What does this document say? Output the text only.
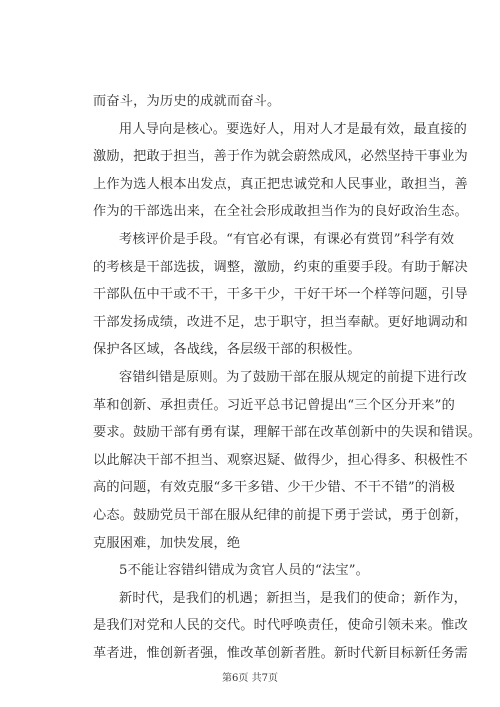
而奋斗，为历史的成就而奋斗。
用人导向是核心。要选好人，用对人才是最有效，最直接的
激励，把敢于担当，善于作为就会蔚然成风，必然坚持干事业为
上作为选人根本出发点，真正把忠诚党和人民事业，敢担当，善
作为的干部选出来，在全社会形成敢担当作为的良好政治生态。
考核评价是手段。“有官必有课，有课必有赏罚”科学有效
的考核是干部选拔，调整，激励，约束的重要手段。有助于解决
干部队伍中干或不干，干多干少，干好干坏一个样等问题，引导
干部发扬成绩，改进不足，忠于职守，担当奉献。更好地调动和
保护各区域，各战线，各层级干部的积极性。
容错纠错是原则。为了鼓励干部在服从规定的前提下进行改
革和创新、承担责任。习近平总书记曾提出“三个区分开来”的
要求。鼓励干部有勇有谋，理解干部在改革创新中的失误和错误。
以此解决干部不担当、观察迟疑、做得少，担心得多、积极性不
高的问题，有效克服“多干多错、少干少错、不干不错”的消极
心态。鼓励党员干部在服从纪律的前提下勇于尝试，勇于创新，
克服困难，加快发展，绝
5不能让容错纠错成为贪官人员的“法宝”。
新时代，是我们的机遇；新担当，是我们的使命；新作为，
是我们对党和人民的交代。时代呼唤责任，使命引领未来。惟改
革者进，惟创新者强，惟改革创新者胜。新时代新目标新任务需
第6页 共7页
